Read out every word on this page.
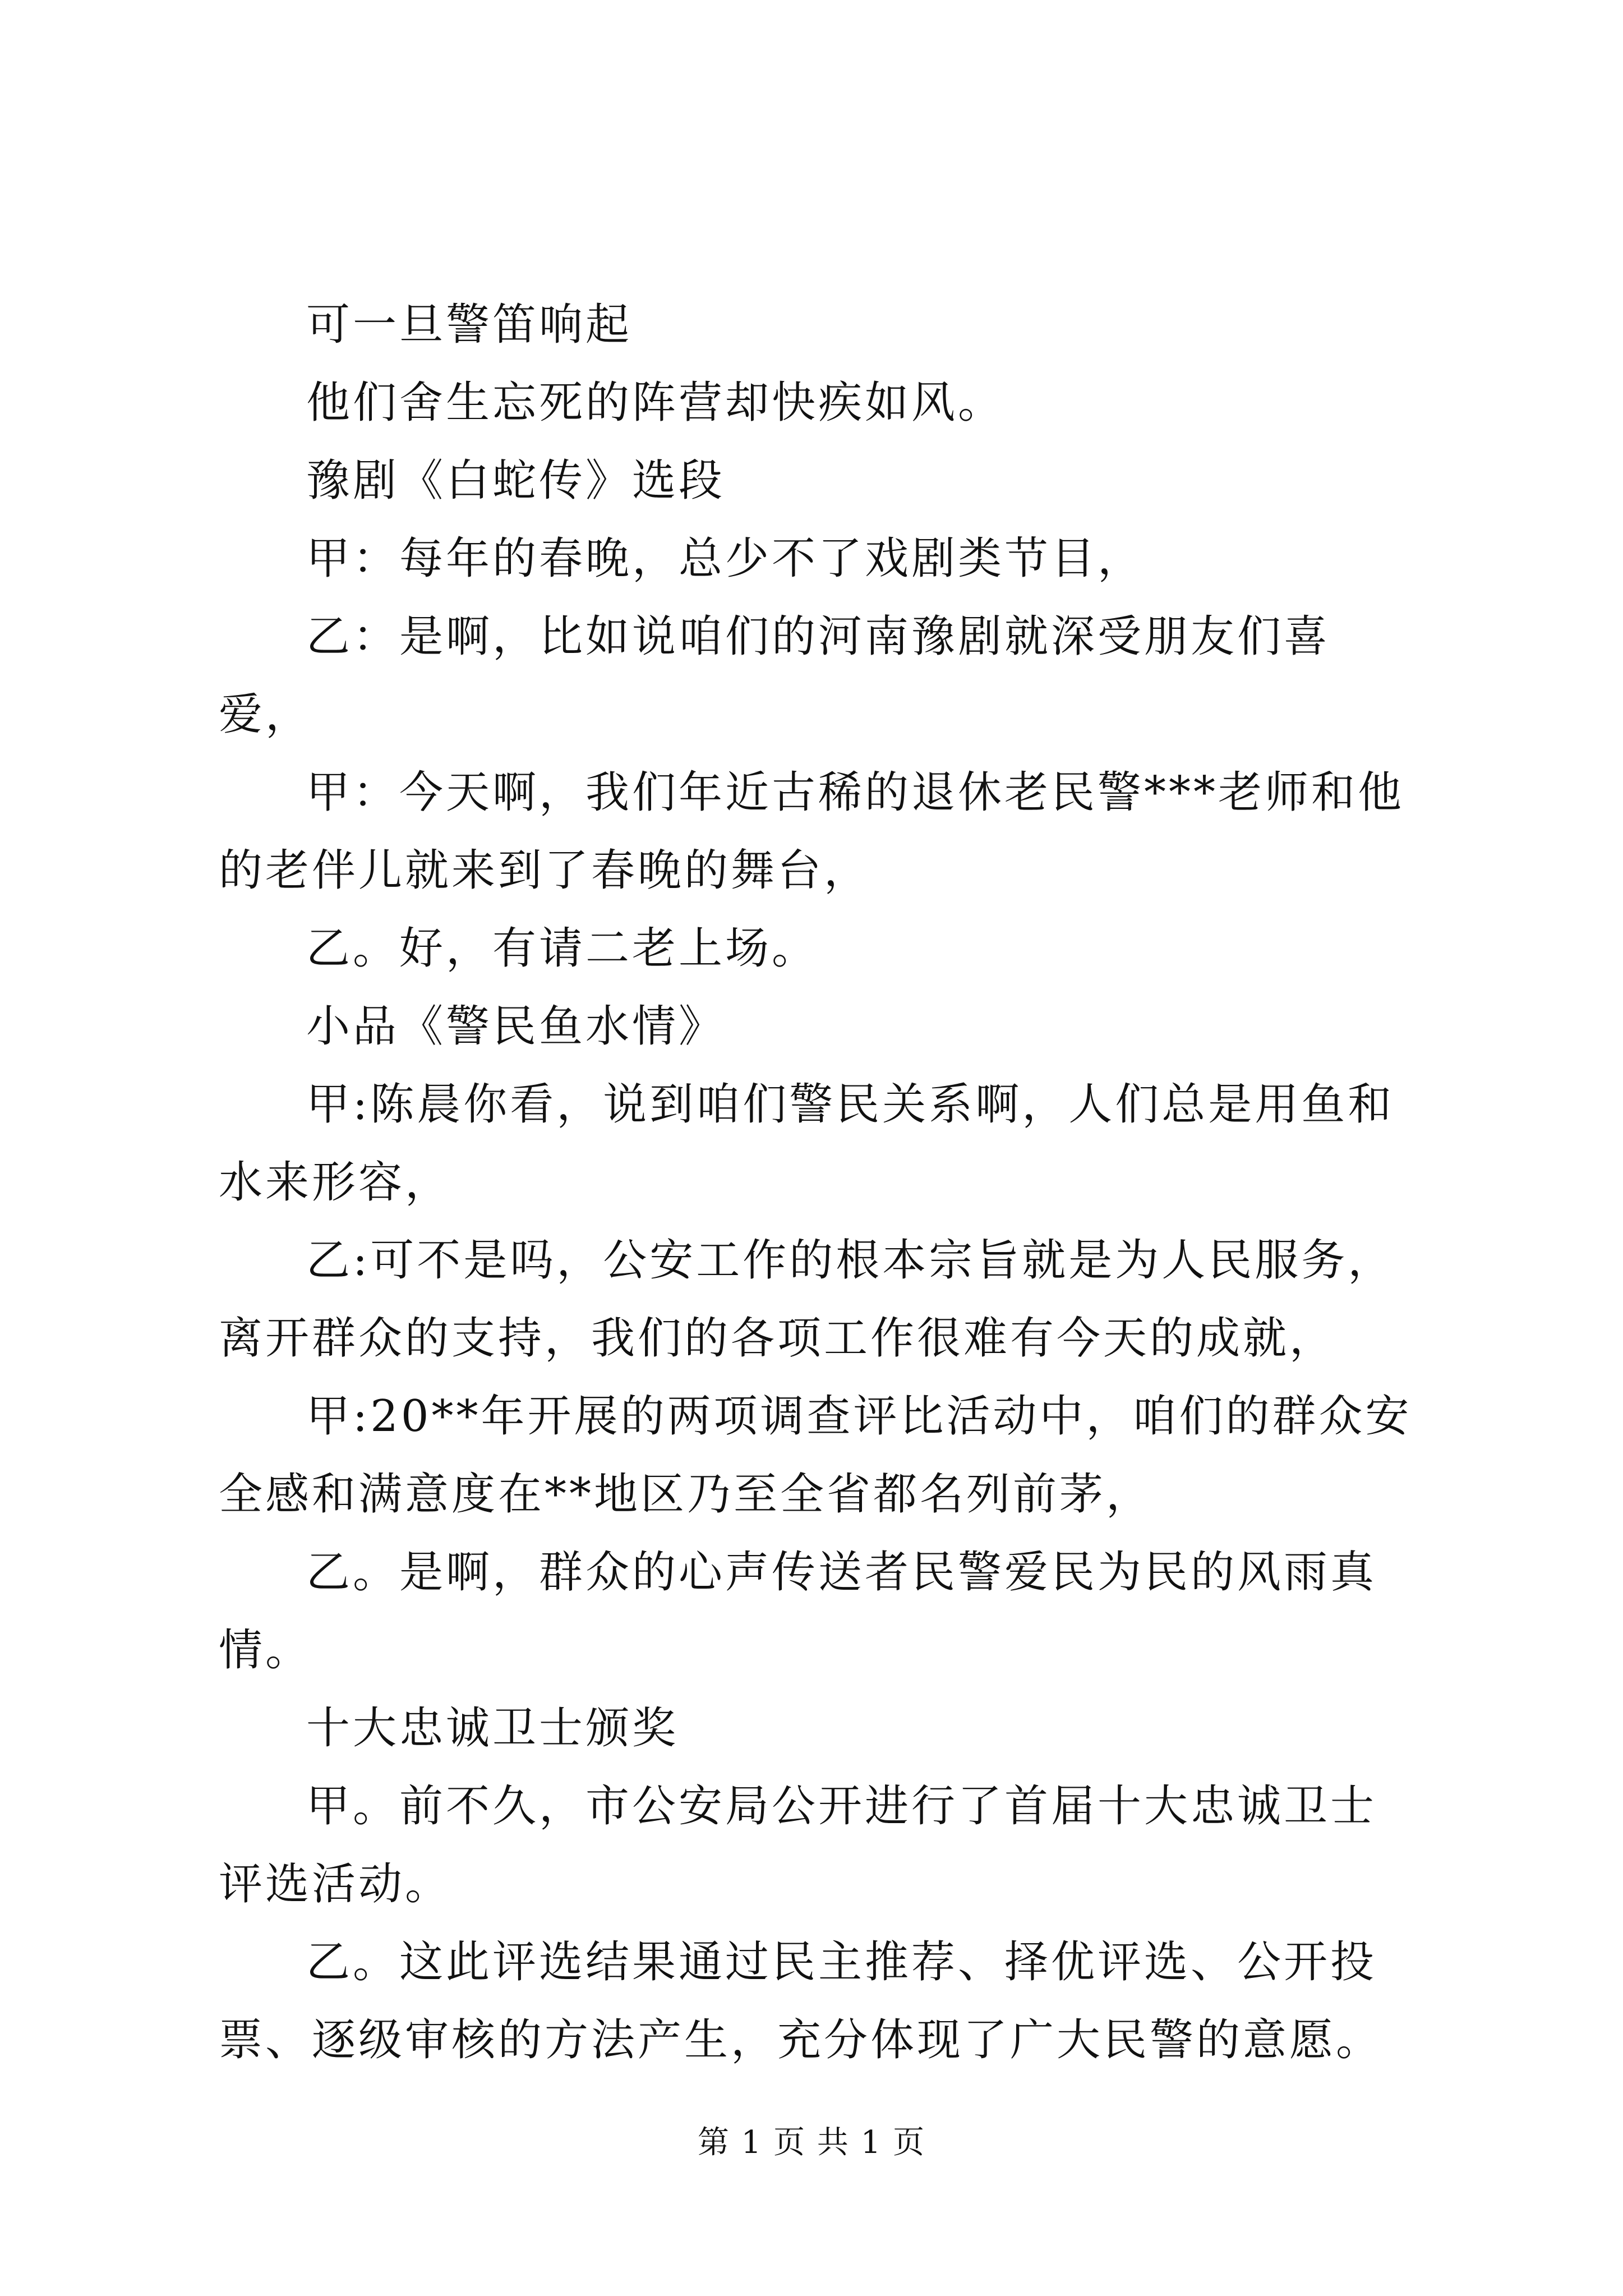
可一旦警笛响起

他们舍生忘死的阵营却快疾如风。

豫剧《白蛇传》选段

甲：每年的春晚，总少不了戏剧类节目，

乙：是啊，比如说咱们的河南豫剧就深受朋友们喜爱，

甲：今天啊，我们年近古稀的退休老民警***老师和他的老伴儿就来到了春晚的舞台，

乙。好，有请二老上场。

小品《警民鱼水情》

甲:陈晨你看，说到咱们警民关系啊，人们总是用鱼和水来形容，

乙:可不是吗，公安工作的根本宗旨就是为人民服务，离开群众的支持，我们的各项工作很难有今天的成就，

甲:20**年开展的两项调查评比活动中，咱们的群众安全感和满意度在**地区乃至全省都名列前茅，

乙。是啊，群众的心声传送者民警爱民为民的风雨真情。

十大忠诚卫士颁奖

甲。前不久，市公安局公开进行了首届十大忠诚卫士评选活动。

乙。这此评选结果通过民主推荐、择优评选、公开投票、逐级审核的方法产生，充分体现了广大民警的意愿。

第 1 页 共 1 页
